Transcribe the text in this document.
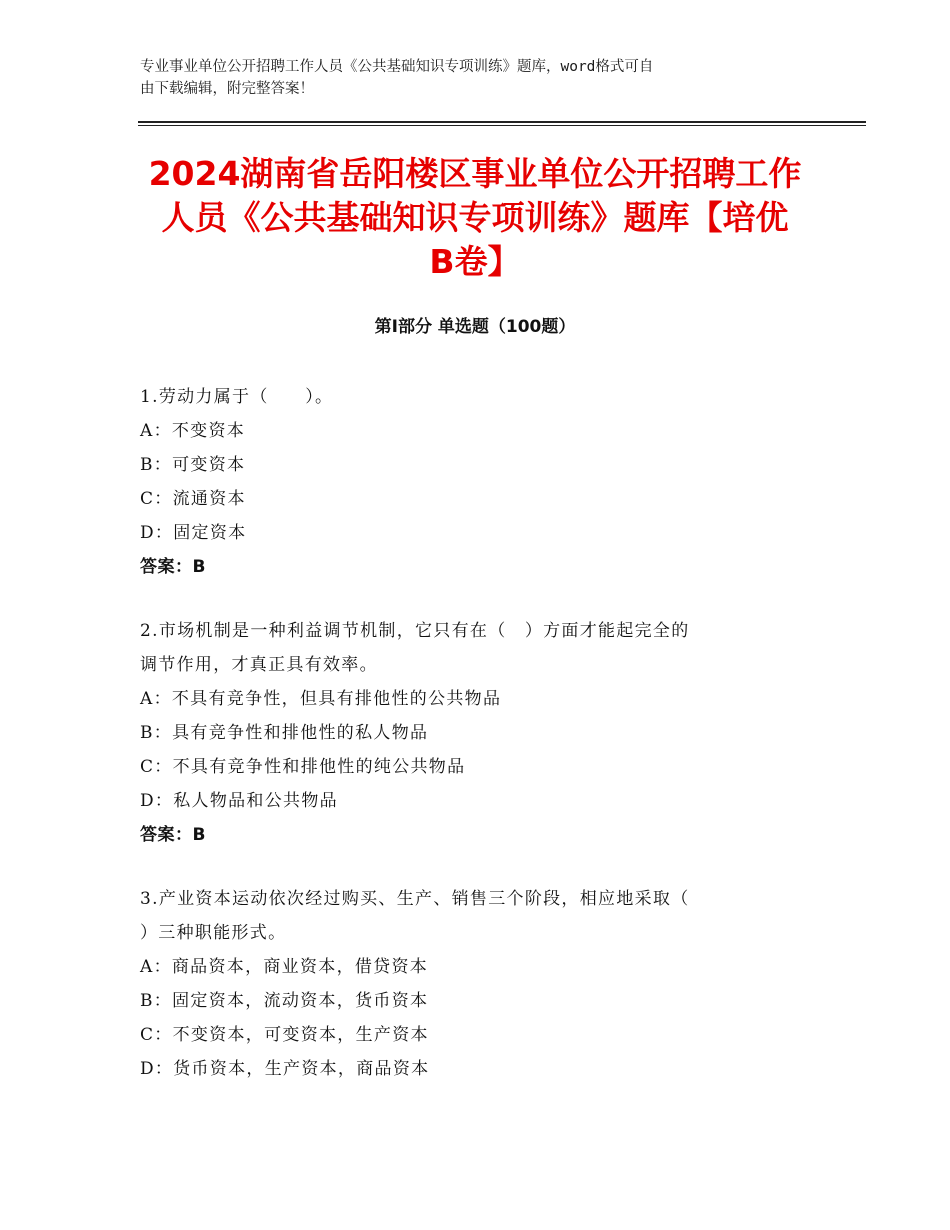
专业事业单位公开招聘工作人员《公共基础知识专项训练》题库，word格式可自
由下载编辑，附完整答案！
2024湖南省岳阳楼区事业单位公开招聘工作
人员《公共基础知识专项训练》题库【培优
B卷】
第Ⅰ部分 单选题（100题）
1.劳动力属于（　　）。
A：不变资本
B：可变资本
C：流通资本
D：固定资本
答案：B
2.市场机制是一种利益调节机制，它只有在（　）方面才能起完全的
调节作用，才真正具有效率。
A：不具有竞争性，但具有排他性的公共物品
B：具有竞争性和排他性的私人物品
C：不具有竞争性和排他性的纯公共物品
D：私人物品和公共物品
答案：B
3.产业资本运动依次经过购买、生产、销售三个阶段，相应地采取（
）三种职能形式。
A：商品资本，商业资本，借贷资本
B：固定资本，流动资本，货币资本
C：不变资本，可变资本，生产资本
D：货币资本，生产资本，商品资本
